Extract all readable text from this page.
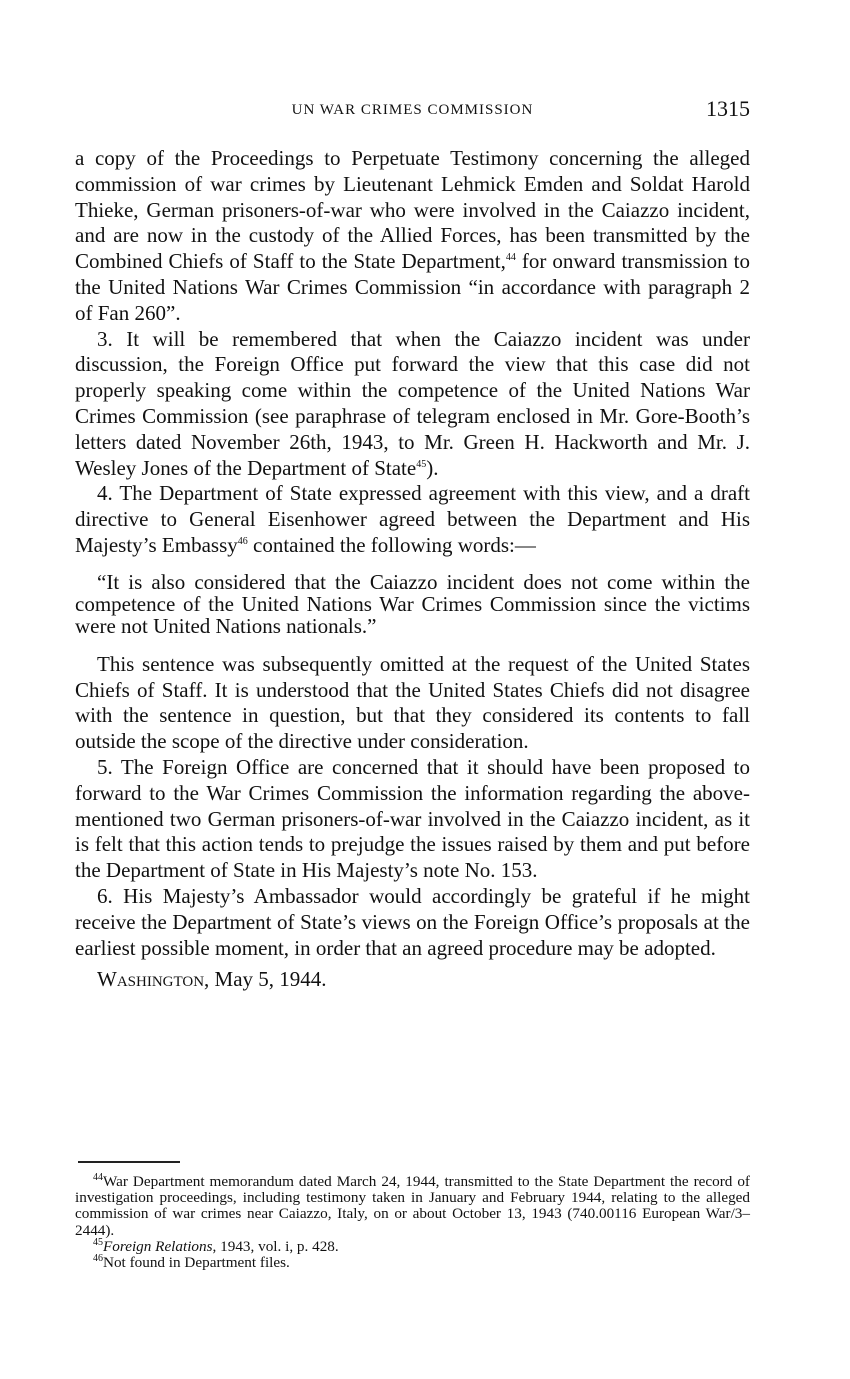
UN WAR CRIMES COMMISSION	1315

a copy of the Proceedings to Perpetuate Testimony concerning the alleged commission of war crimes by Lieutenant Lehmick Emden and Soldat Harold Thieke, German prisoners-of-war who were involved in the Caiazzo incident, and are now in the custody of the Allied Forces, has been transmitted by the Combined Chiefs of Staff to the State Department,$^{44}$ for onward transmission to the United Nations War Crimes Commission “in accordance with paragraph 2 of Fan 260”.

3. It will be remembered that when the Caiazzo incident was under discussion, the Foreign Office put forward the view that this case did not properly speaking come within the competence of the United Nations War Crimes Commission (see paraphrase of telegram enclosed in Mr. Gore-Booth’s letters dated November 26th, 1943, to Mr. Green H. Hackworth and Mr. J. Wesley Jones of the Department of State$^{45}$).

4. The Department of State expressed agreement with this view, and a draft directive to General Eisenhower agreed between the Department and His Majesty’s Embassy$^{46}$ contained the following words:—

“It is also considered that the Caiazzo incident does not come within the competence of the United Nations War Crimes Commission since the victims were not United Nations nationals.”

This sentence was subsequently omitted at the request of the United States Chiefs of Staff. It is understood that the United States Chiefs did not disagree with the sentence in question, but that they considered its contents to fall outside the scope of the directive under consideration.

5. The Foreign Office are concerned that it should have been proposed to forward to the War Crimes Commission the information regarding the above-mentioned two German prisoners-of-war involved in the Caiazzo incident, as it is felt that this action tends to prejudge the issues raised by them and put before the Department of State in His Majesty’s note No. 153.

6. His Majesty’s Ambassador would accordingly be grateful if he might receive the Department of State’s views on the Foreign Office’s proposals at the earliest possible moment, in order that an agreed procedure may be adopted.

Washington, May 5, 1944.

$^{44}$War Department memorandum dated March 24, 1944, transmitted to the State Department the record of investigation proceedings, including testimony taken in January and February 1944, relating to the alleged commission of war crimes near Caiazzo, Italy, on or about October 13, 1943 (740.00116 European War/3–2444).

$^{45}$Foreign Relations, 1943, vol. i, p. 428.

$^{46}$Not found in Department files.
